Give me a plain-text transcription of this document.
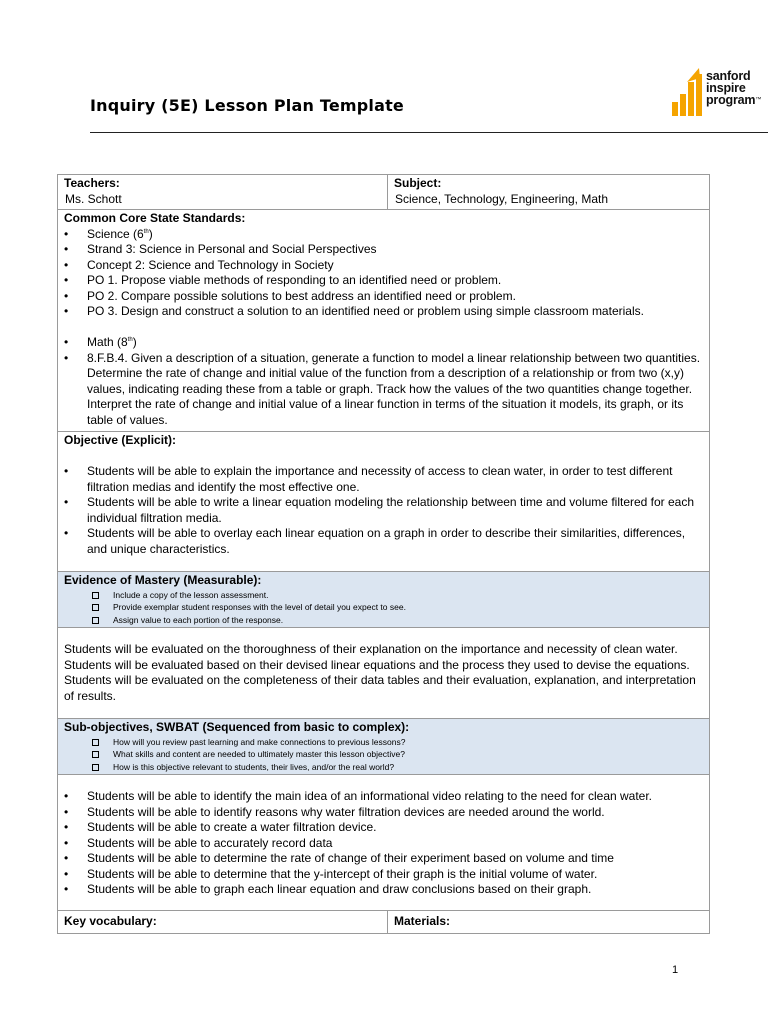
Inquiry (5E) Lesson Plan Template
sanford
inspire
program™
Teachers:
Ms. Schott
Subject:
Science, Technology, Engineering, Math
Common Core State Standards:
• Science (6th)
• Strand 3: Science in Personal and Social Perspectives
• Concept 2: Science and Technology in Society
• PO 1. Propose viable methods of responding to an identified need or problem.
• PO 2. Compare possible solutions to best address an identified need or problem.
• PO 3. Design and construct a solution to an identified need or problem using simple classroom materials.
• Math (8th)
• 8.F.B.4. Given a description of a situation, generate a function to model a linear relationship between two quantities. Determine the rate of change and initial value of the function from a description of a relationship or from two (x,y) values, indicating reading these from a table or graph. Track how the values of the two quantities change together. Interpret the rate of change and initial value of a linear function in terms of the situation it models, its graph, or its table of values.
Objective (Explicit):
• Students will be able to explain the importance and necessity of access to clean water, in order to test different filtration medias and identify the most effective one.
• Students will be able to write a linear equation modeling the relationship between time and volume filtered for each individual filtration media.
• Students will be able to overlay each linear equation on a graph in order to describe their similarities, differences, and unique characteristics.
Evidence of Mastery (Measurable):
Include a copy of the lesson assessment.
Provide exemplar student responses with the level of detail you expect to see.
Assign value to each portion of the response.
Students will be evaluated on the thoroughness of their explanation on the importance and necessity of clean water. Students will be evaluated based on their devised linear equations and the process they used to devise the equations. Students will be evaluated on the completeness of their data tables and their evaluation, explanation, and interpretation of results.
Sub-objectives, SWBAT (Sequenced from basic to complex):
How will you review past learning and make connections to previous lessons?
What skills and content are needed to ultimately master this lesson objective?
How is this objective relevant to students, their lives, and/or the real world?
• Students will be able to identify the main idea of an informational video relating to the need for clean water.
• Students will be able to identify reasons why water filtration devices are needed around the world.
• Students will be able to create a water filtration device.
• Students will be able to accurately record data
• Students will be able to determine the rate of change of their experiment based on volume and time
• Students will be able to determine that the y-intercept of their graph is the initial volume of water.
• Students will be able to graph each linear equation and draw conclusions based on their graph.
Key vocabulary:	Materials:
1
